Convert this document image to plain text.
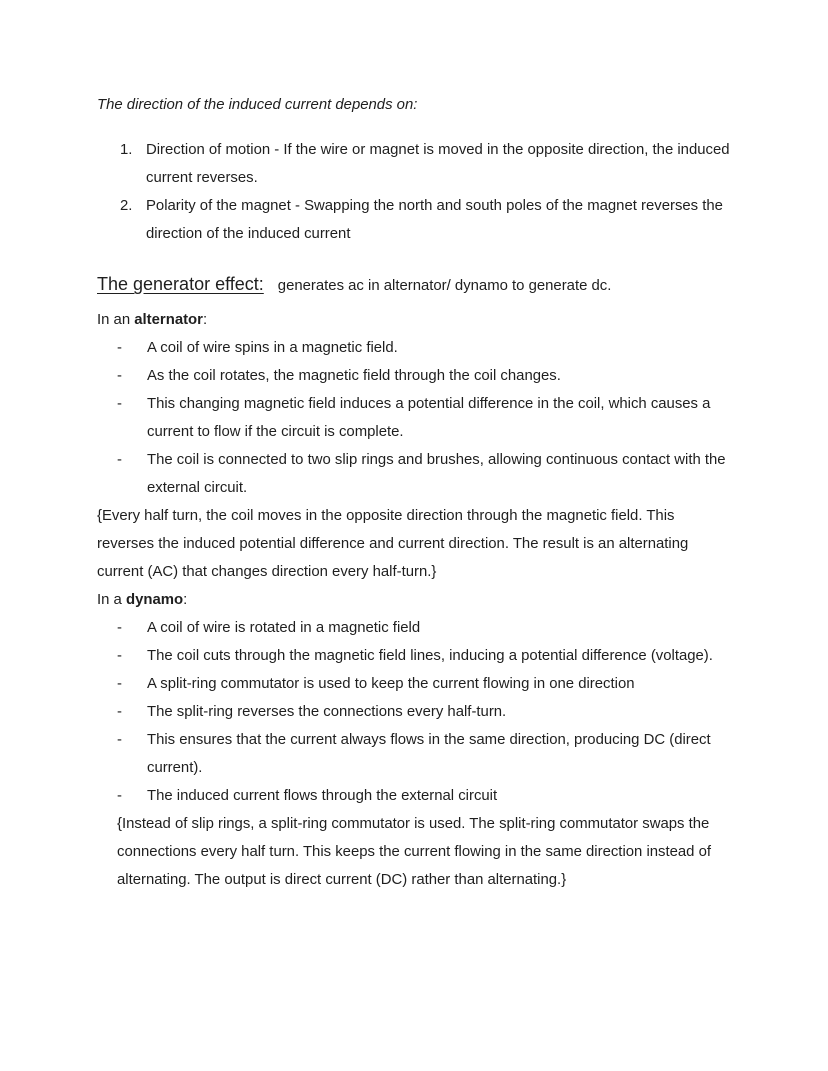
The direction of the induced current depends on:

1. Direction of motion - If the wire or magnet is moved in the opposite direction, the induced current reverses.
2. Polarity of the magnet - Swapping the north and south poles of the magnet reverses the direction of the induced current
The generator effect: generates ac in alternator/ dynamo to generate dc.

In an alternator:

- A coil of wire spins in a magnetic field.
- As the coil rotates, the magnetic field through the coil changes.
- This changing magnetic field induces a potential difference in the coil, which causes a current to flow if the circuit is complete.
- The coil is connected to two slip rings and brushes, allowing continuous contact with the external circuit.

{Every half turn, the coil moves in the opposite direction through the magnetic field. This reverses the induced potential difference and current direction. The result is an alternating current (AC) that changes direction every half-turn.}

In a dynamo:

- A coil of wire is rotated in a magnetic field
- The coil cuts through the magnetic field lines, inducing a potential difference (voltage).
- A split-ring commutator is used to keep the current flowing in one direction
- The split-ring reverses the connections every half-turn.
- This ensures that the current always flows in the same direction, producing DC (direct current).
- The induced current flows through the external circuit

{Instead of slip rings, a split-ring commutator is used. The split-ring commutator swaps the connections every half turn. This keeps the current flowing in the same direction instead of alternating. The output is direct current (DC) rather than alternating.}
